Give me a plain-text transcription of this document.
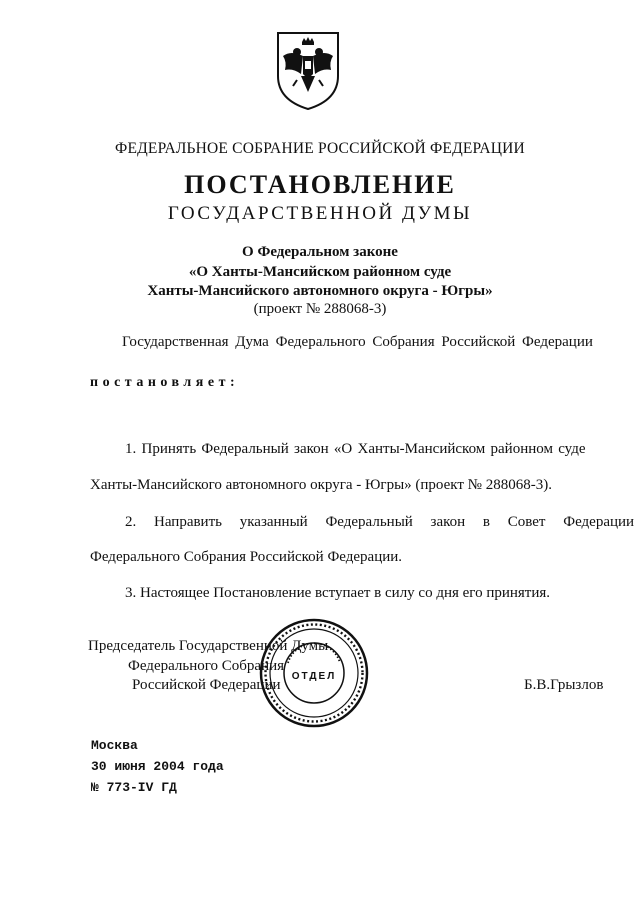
ФЕДЕРАЛЬНОЕ СОБРАНИЕ РОССИЙСКОЙ ФЕДЕРАЦИИ
ПОСТАНОВЛЕНИЕ
ГОСУДАРСТВЕННОЙ ДУМЫ
О Федеральном законе
«О Ханты-Мансийском районном суде
Ханты-Мансийского автономного округа - Югры»
(проект № 288068-3)
Государственная Дума Федерального Собрания Российской Федерации
постановляет:
1. Принять Федеральный закон «О Ханты-Мансийском районном суде
Ханты-Мансийского автономного округа - Югры» (проект № 288068-3).
2. Направить указанный Федеральный закон в Совет Федерации
Федерального Собрания Российской Федерации.
3. Настоящее Постановление вступает в силу со дня его принятия.
Председатель Государственной Думы
Федерального Собрания
Российской Федерации	Б.В.Грызлов
ОТДЕЛ
Москва
30 июня 2004 года
№ 773-IV ГД
